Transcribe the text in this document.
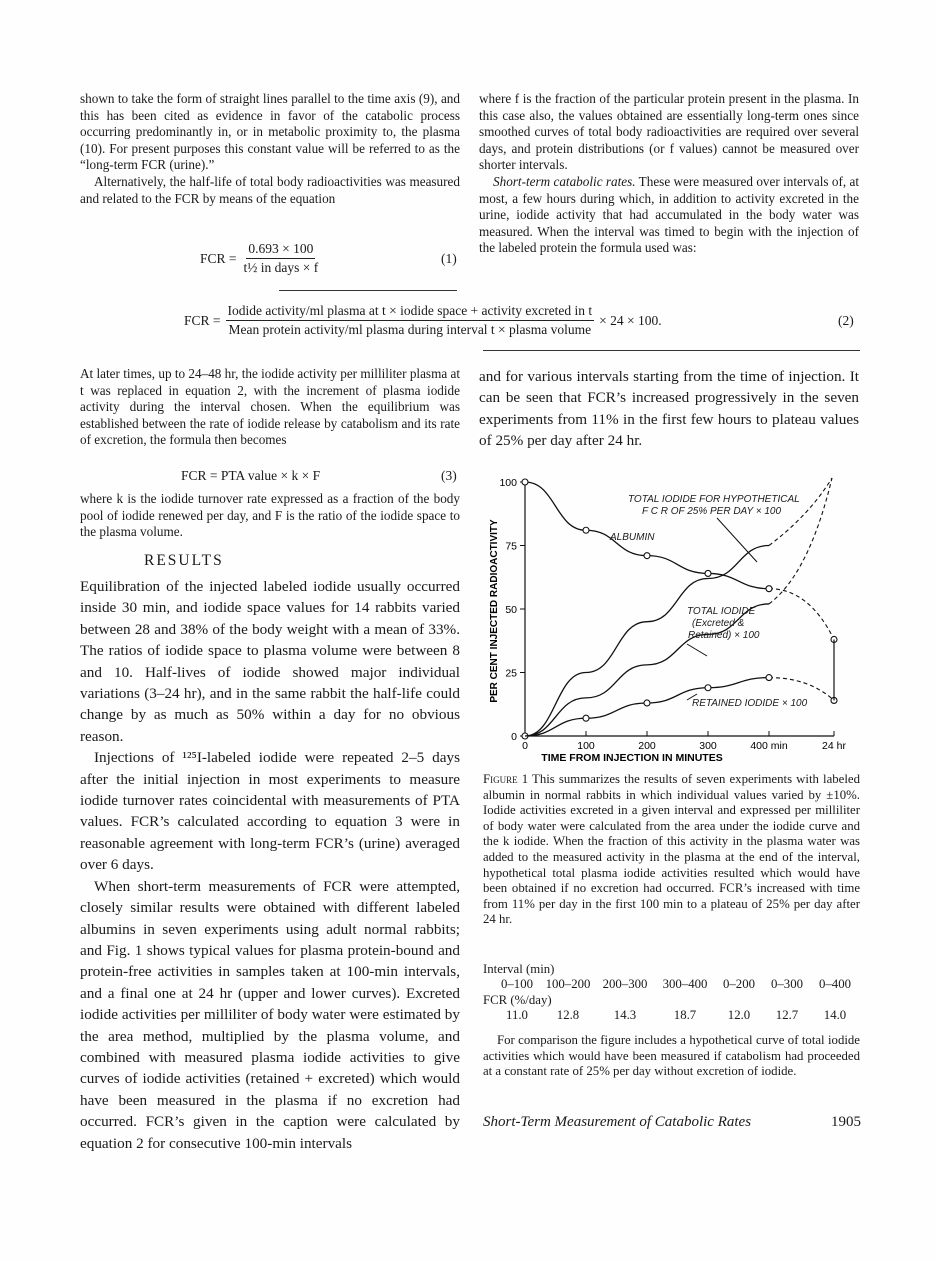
shown to take the form of straight lines parallel to the time axis (9), and this has been cited as evidence in favor of the catabolic process occurring predominantly in, or in metabolic proximity to, the plasma (10). For present purposes this constant value will be referred to as the “long-term FCR (urine).”

Alternatively, the half-life of total body radioactivities was measured and related to the FCR by means of the equation

FCR = $\frac{0.693 \times 100}{\text{t½ in days × f}}$	(1)

where f is the fraction of the particular protein present in the plasma. In this case also, the values obtained are essentially long-term ones since smoothed curves of total body radioactivities are required over several days, and protein distributions (or f values) cannot be measured over shorter intervals.

Short-term catabolic rates. These were measured over intervals of, at most, a few hours during which, in addition to activity excreted in the urine, iodide activity that had accumulated in the body water was measured. When the interval was timed to begin with the injection of the labeled protein the formula used was:

FCR =
Iodide activity/ml plasma at t × iodide space + activity excreted in t
Mean protein activity/ml plasma during interval t × plasma volume
× 24 × 100.	(2)

At later times, up to 24–48 hr, the iodide activity per milliliter plasma at t was replaced in equation 2, with the increment of plasma iodide activity during the interval chosen. When the equilibrium was established between the rate of iodide release by catabolism and its rate of excretion, the formula then becomes

FCR = PTA value × k × F	(3)

where k is the iodide turnover rate expressed as a fraction of the body pool of iodide renewed per day, and F is the ratio of the iodide space to the plasma volume.

RESULTS

Equilibration of the injected labeled iodide usually occurred inside 30 min, and iodide space values for 14 rabbits varied between 28 and 38% of the body weight with a mean of 33%. The ratios of iodide space to plasma volume were between 8 and 10. Half-lives of iodide showed major individual variations (3–24 hr), and in the same rabbit the half-life could change by as much as 50% within a day for no obvious reason.

Injections of ¹²⁵I-labeled iodide were repeated 2–5 days after the initial injection in most experiments to measure iodide turnover rates coincidental with measurements of PTA values. FCR’s calculated according to equation 3 were in reasonable agreement with long-term FCR’s (urine) averaged over 6 days.

When short-term measurements of FCR were attempted, closely similar results were obtained with different labeled albumins in seven experiments using adult normal rabbits; and Fig. 1 shows typical values for plasma protein-bound and protein-free activities in samples taken at 100-min intervals, and a final one at 24 hr (upper and lower curves). Excreted iodide activities per milliliter of body water were estimated by the area method, multiplied by the plasma volume, and combined with measured plasma iodide activities to give curves of iodide activities (retained + excreted) which would have been measured in the plasma if no excretion had occurred. FCR’s given in the caption were calculated by equation 2 for consecutive 100-min intervals

and for various intervals starting from the time of injection. It can be seen that FCR’s increased progressively in the seven experiments from 11% in the first few hours to plateau values of 25% per day after 24 hr.

0
25
50
75
100
0	100	200	300	400 min	24 hr
PER CENT INJECTED RADIOACTIVITY
TIME FROM INJECTION IN MINUTES
TOTAL IODIDE FOR HYPOTHETICAL
F C R OF 25% PER DAY × 100
ALBUMIN
TOTAL IODIDE
(Excreted &
Retained) × 100
RETAINED IODIDE × 100

Figure 1 This summarizes the results of seven experiments with labeled albumin in normal rabbits in which individual values varied by ±10%. Iodide activities excreted in a given interval and expressed per milliliter of body water were calculated from the area under the iodide curve and the k iodide. When the fraction of this activity in the plasma water was added to the measured activity in the plasma at the end of the interval, hypothetical total plasma iodide activities resulted which would have been obtained if no excretion had occurred. FCR’s increased with time from 11% per day in the first 100 min to a plateau of 25% per day after 24 hr.

Interval (min)
0–100 100–200 200–300	300–400	0–200	0–300	0–400
FCR (%/day)
11.0	12.8	14.3	18.7	12.0	12.7	14.0

For comparison the figure includes a hypothetical curve of total iodide activities which would have been measured if catabolism had proceeded at a constant rate of 25% per day without excretion of iodide.

Short-Term Measurement of Catabolic Rates	1905
